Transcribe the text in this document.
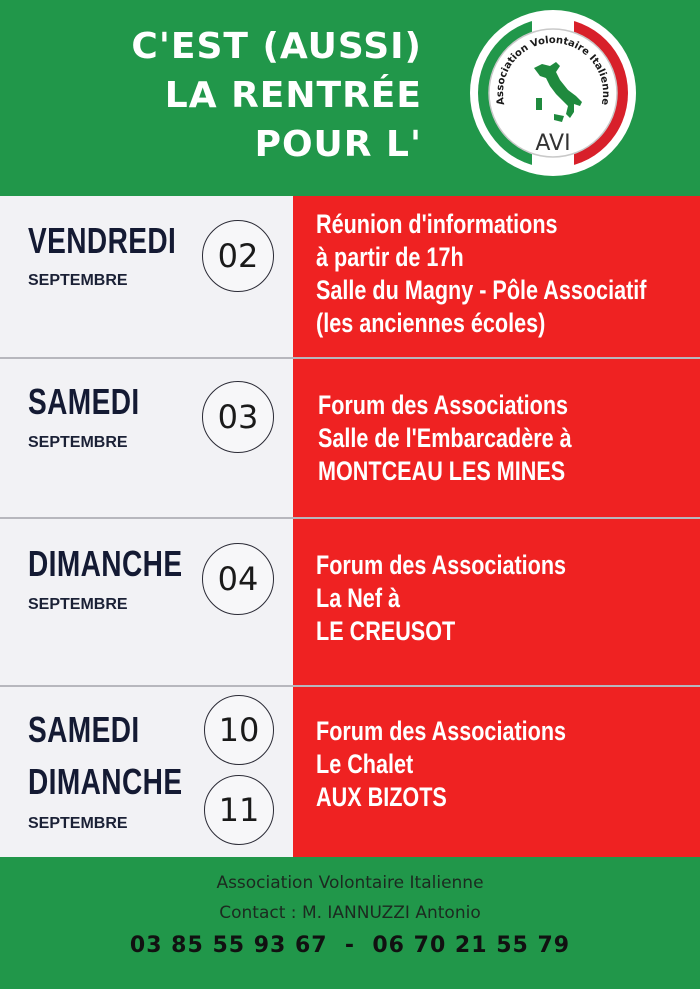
C'EST (AUSSI)
LA RENTRÉE
POUR L'
Association Volontaire Italienne
AVI
VENDREDI
SEPTEMBRE
02
Réunion d'informations
à partir de 17h
Salle du Magny - Pôle Associatif
(les anciennes écoles)
SAMEDI
SEPTEMBRE
03	Forum des Associations
Salle de l'Embarcadère à
MONTCEAU LES MINES
DIMANCHE
SEPTEMBRE
04	Forum des Associations
La Nef à
LE CREUSOT
SAMEDI
DIMANCHE
SEPTEMBRE
10
11
Forum des Associations
Le Chalet
AUX BIZOTS
Association Volontaire Italienne
Contact : M. IANNUZZI Antonio
03 85 55 93 67  -  06 70 21 55 79
